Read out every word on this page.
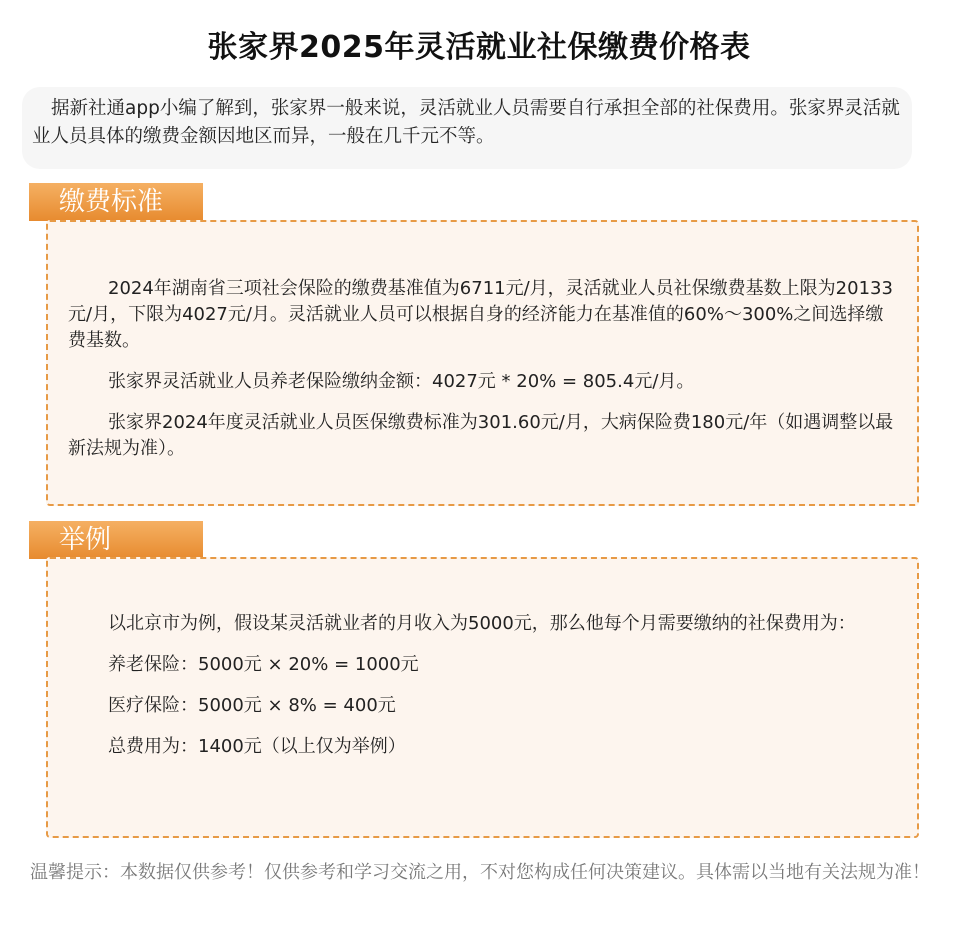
张家界2025年灵活就业社保缴费价格表

据新社通app小编了解到，张家界一般来说，灵活就业人员需要自行承担全部的社保费用。张家界灵活就业人员具体的缴费金额因地区而异，一般在几千元不等。

缴费标准

2024年湖南省三项社会保险的缴费基准值为6711元/月，灵活就业人员社保缴费基数上限为20133元/月，下限为4027元/月。灵活就业人员可以根据自身的经济能力在基准值的60%～300%之间选择缴费基数。

张家界灵活就业人员养老保险缴纳金额：4027元 * 20% = 805.4元/月。

张家界2024年度灵活就业人员医保缴费标准为301.60元/月，大病保险费180元/年（如遇调整以最新法规为准）。

举例

以北京市为例，假设某灵活就业者的月收入为5000元，那么他每个月需要缴纳的社保费用为：

养老保险：5000元 × 20% = 1000元

医疗保险：5000元 × 8% = 400元

总费用为：1400元（以上仅为举例）

温馨提示：本数据仅供参考！仅供参考和学习交流之用，不对您构成任何决策建议。具体需以当地有关法规为准！
